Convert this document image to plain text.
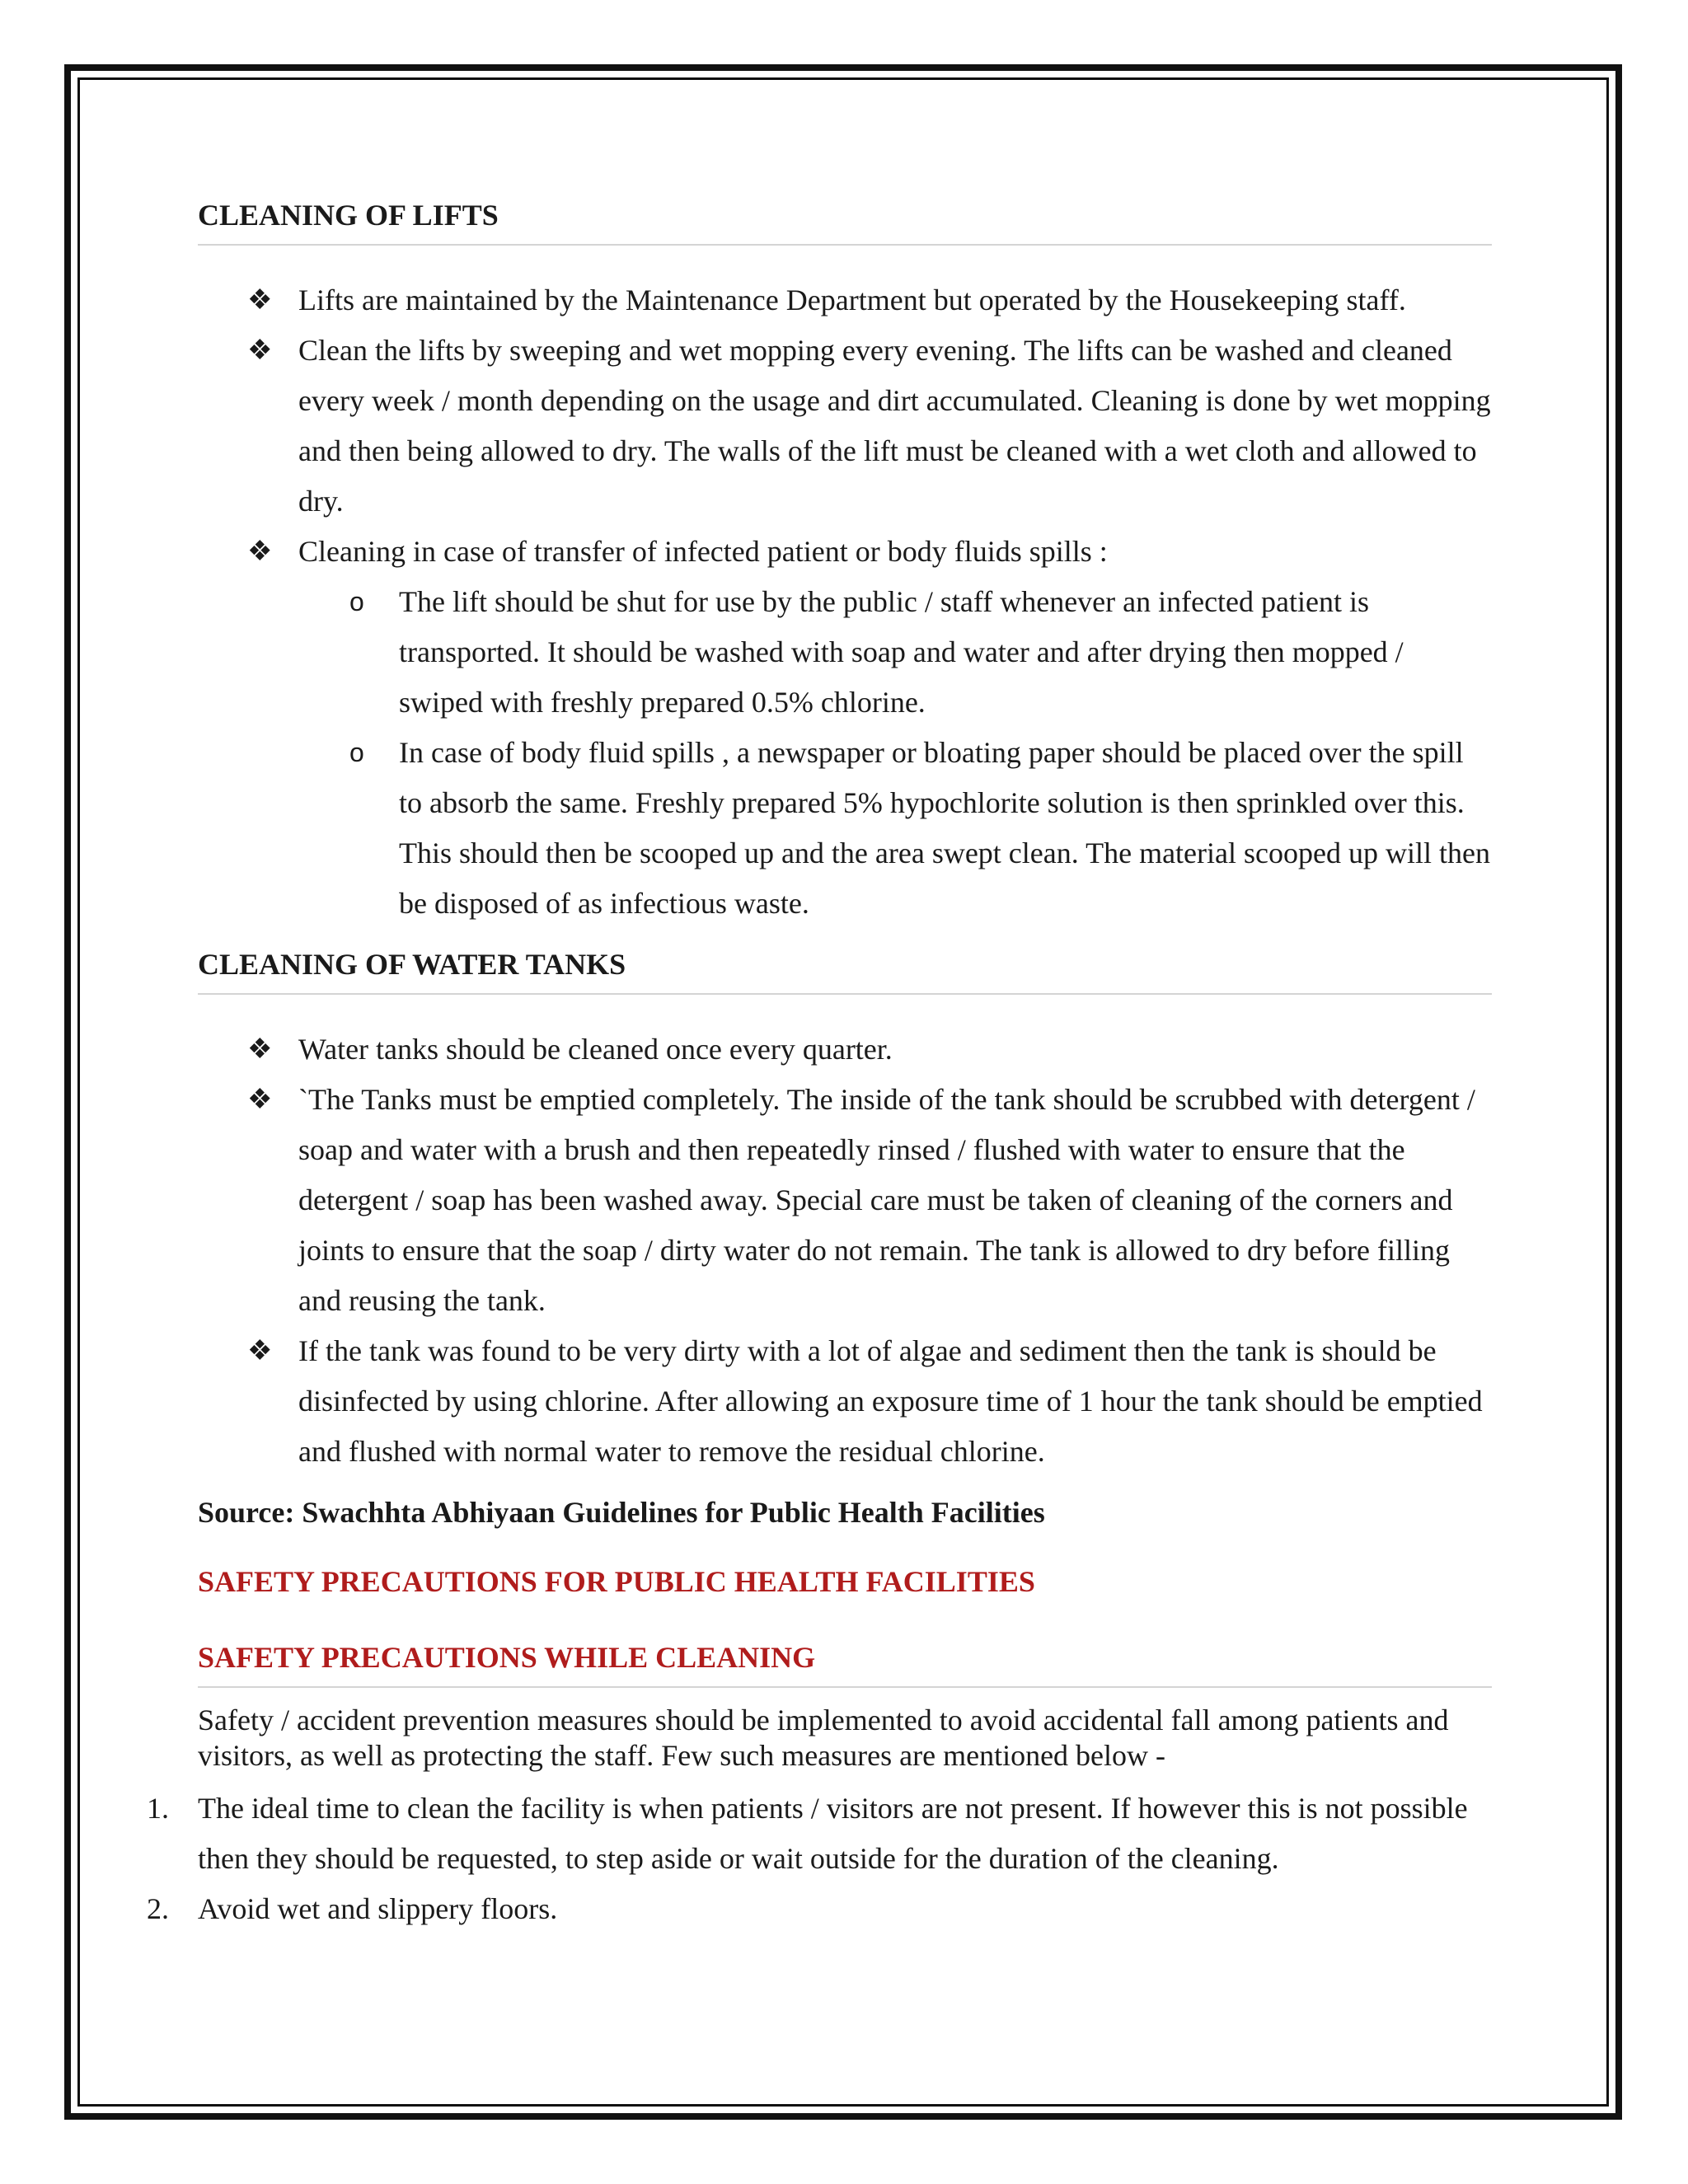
CLEANING OF LIFTS

❖ Lifts are maintained by the Maintenance Department but operated by the Housekeeping staff.
❖ Clean the lifts by sweeping and wet mopping every evening. The lifts can be washed and cleaned every week / month depending on the usage and dirt accumulated. Cleaning is done by wet mopping and then being allowed to dry. The walls of the lift must be cleaned with a wet cloth and allowed to dry.
❖ Cleaning in case of transfer of infected patient or body fluids spills :
o The lift should be shut for use by the public / staff whenever an infected patient is transported. It should be washed with soap and water and after drying then mopped / swiped with freshly prepared 0.5% chlorine.
o In case of body fluid spills , a newspaper or bloating paper should be placed over the spill to absorb the same. Freshly prepared 5% hypochlorite solution is then sprinkled over this. This should then be scooped up and the area swept clean. The material scooped up will then be disposed of as infectious waste.

CLEANING OF WATER TANKS

❖ Water tanks should be cleaned once every quarter.
❖ `The Tanks must be emptied completely. The inside of the tank should be scrubbed with detergent / soap and water with a brush and then repeatedly rinsed / flushed with water to ensure that the detergent / soap has been washed away. Special care must be taken of cleaning of the corners and joints to ensure that the soap / dirty water do not remain. The tank is allowed to dry before filling and reusing the tank.
❖ If the tank was found to be very dirty with a lot of algae and sediment then the tank is should be disinfected by using chlorine. After allowing an exposure time of 1 hour the tank should be emptied and flushed with normal water to remove the residual chlorine.

Source: Swachhta Abhiyaan Guidelines for Public Health Facilities

SAFETY PRECAUTIONS FOR PUBLIC HEALTH FACILITIES

SAFETY PRECAUTIONS WHILE CLEANING

Safety / accident prevention measures should be implemented to avoid accidental fall among patients and visitors, as well as protecting the staff. Few such measures are mentioned below -

1. The ideal time to clean the facility is when patients / visitors are not present. If however this is not possible then they should be requested, to step aside or wait outside for the duration of the cleaning.
2. Avoid wet and slippery floors.
